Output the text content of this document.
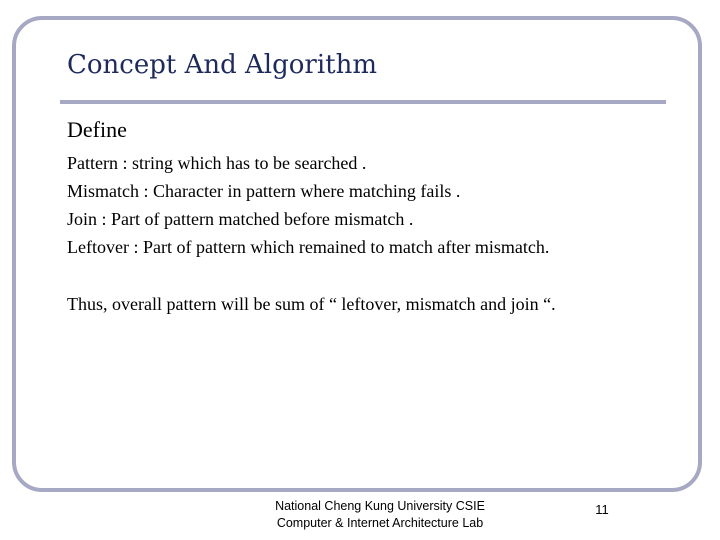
Concept And Algorithm
Define
Pattern : string which has to be searched .
Mismatch : Character in pattern where matching fails .
Join : Part of pattern matched before mismatch .
Leftover : Part of pattern which remained to match after mismatch.
Thus, overall pattern will be sum of “ leftover, mismatch and join “.
National Cheng Kung University CSIE
Computer & Internet Architecture Lab
11
